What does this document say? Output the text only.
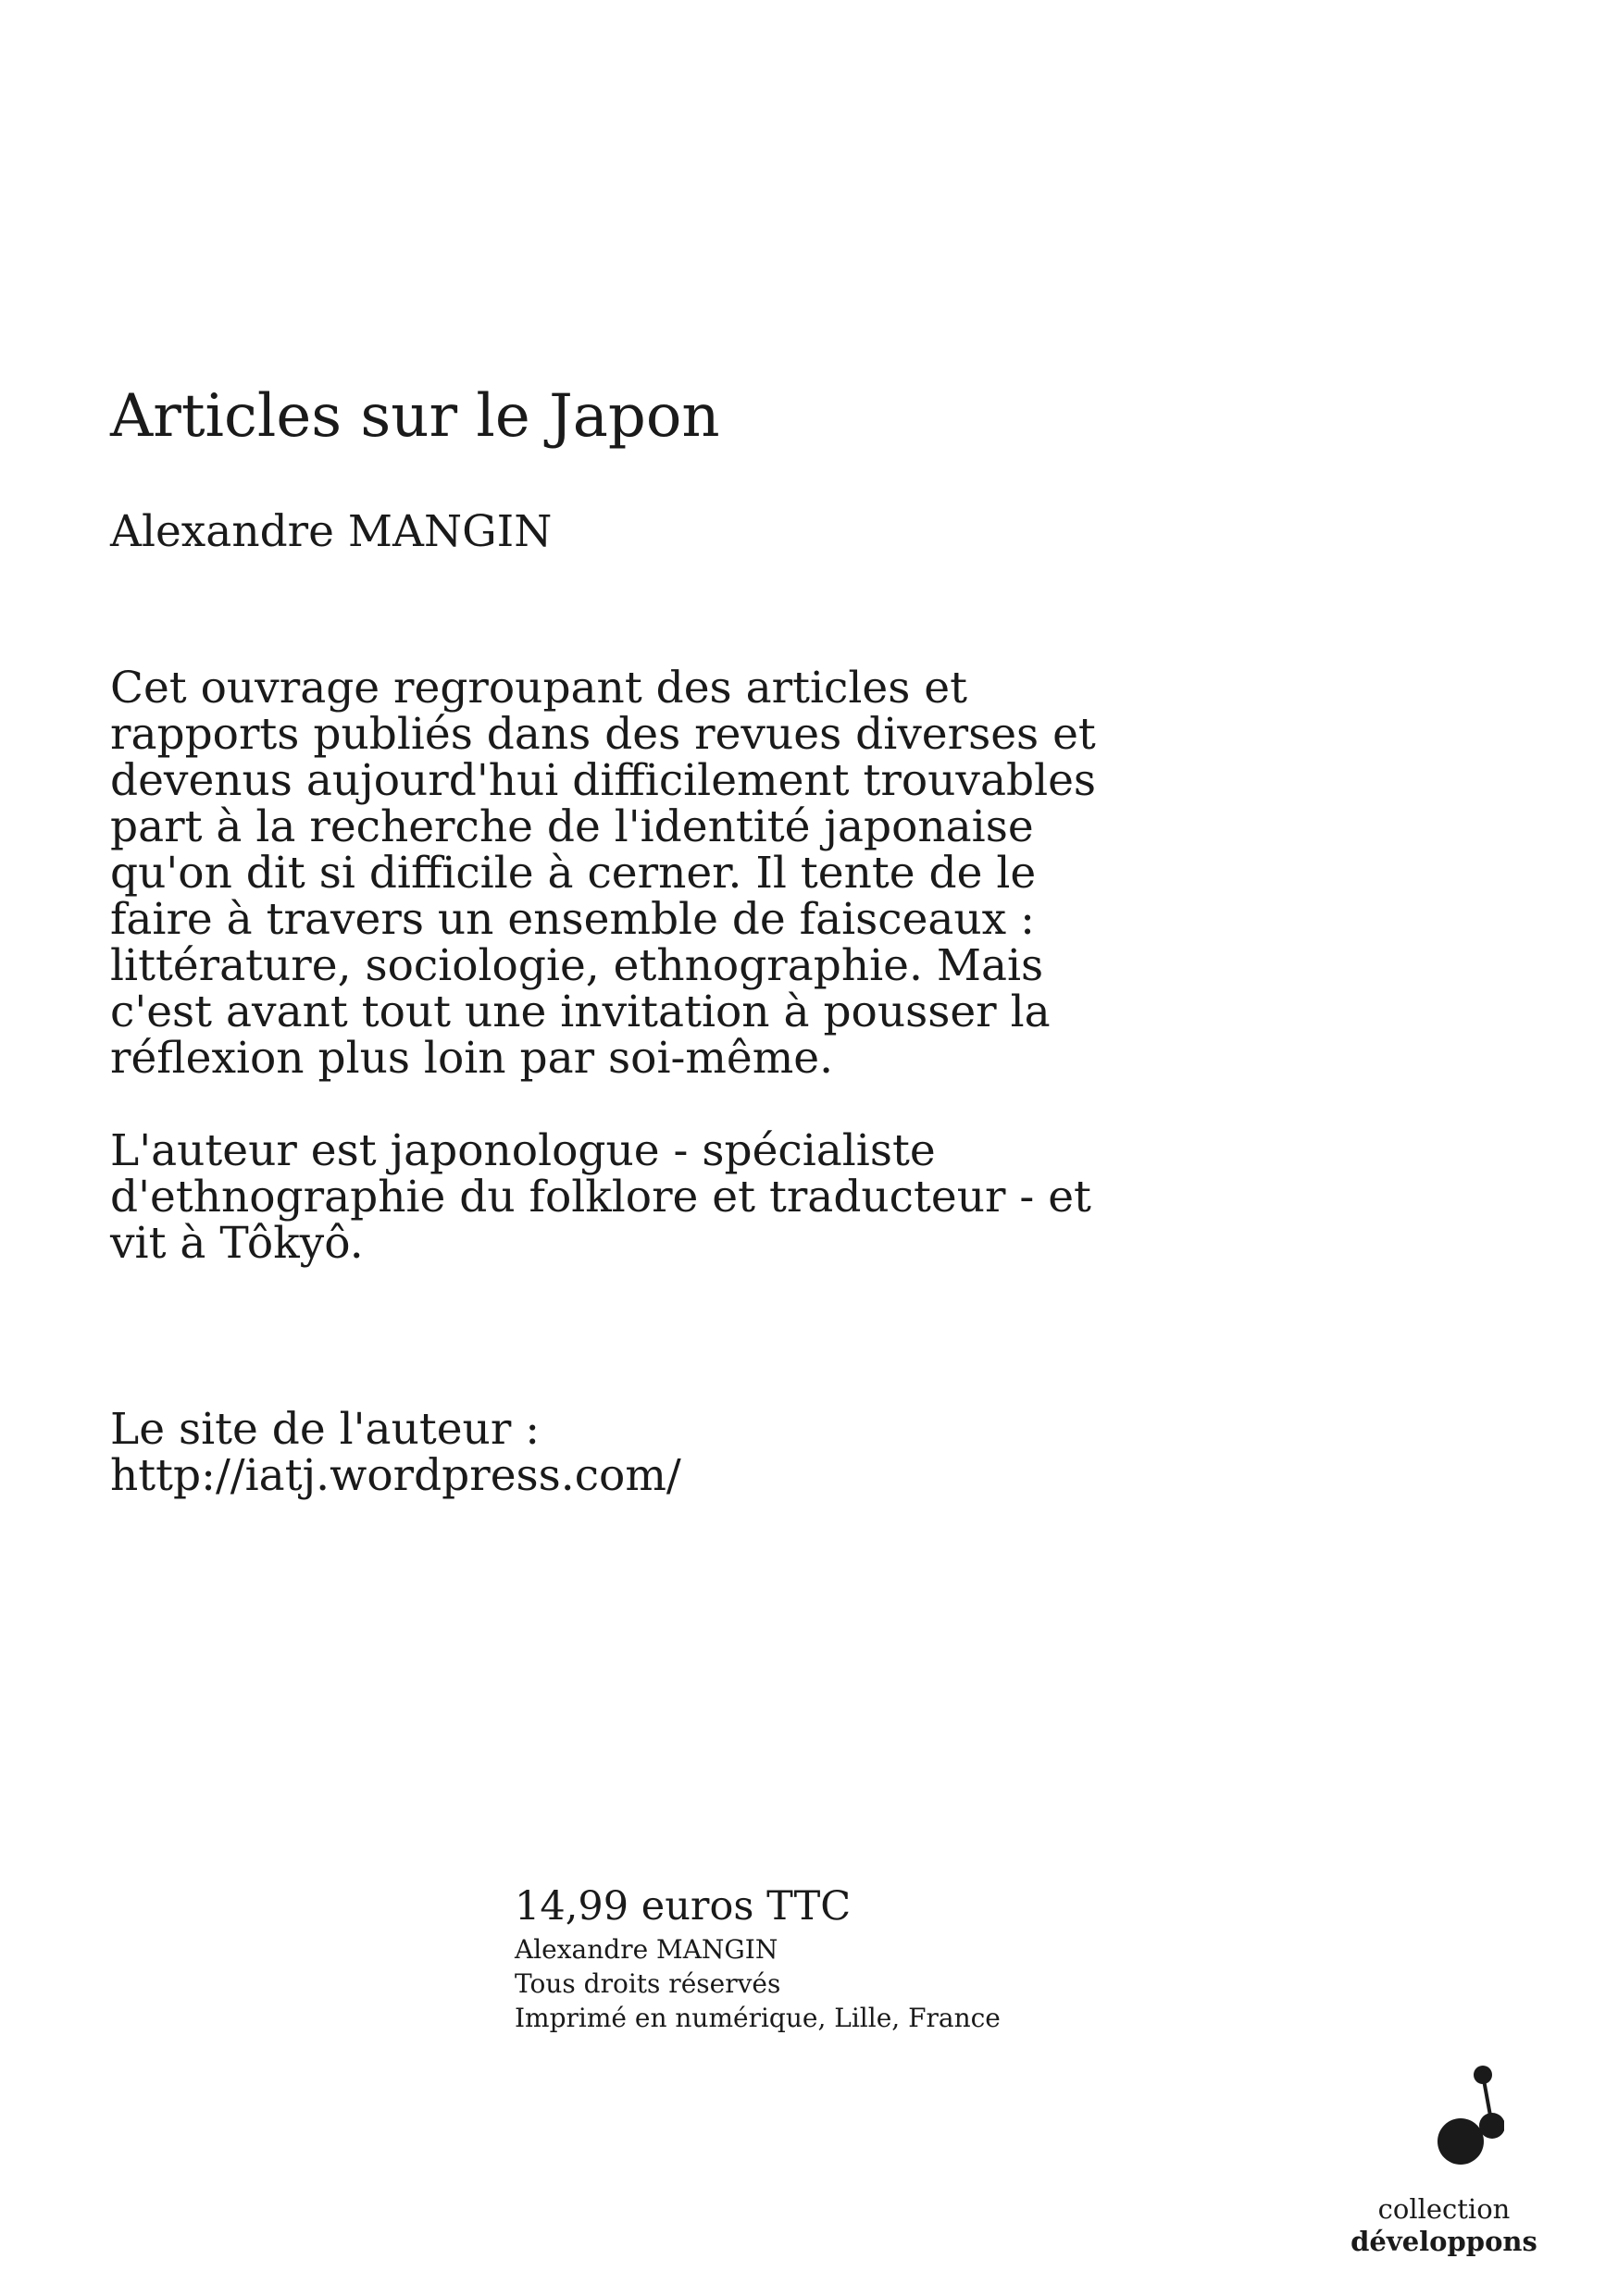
Articles sur le Japon
Alexandre MANGIN
Cet ouvrage regroupant des articles et
rapports publiés dans des revues diverses et
devenus aujourd'hui difficilement trouvables
part à la recherche de l'identité japonaise
qu'on dit si difficile à cerner. Il tente de le
faire à travers un ensemble de faisceaux :
littérature, sociologie, ethnographie. Mais
c'est avant tout une invitation à pousser la
réflexion plus loin par soi-même.
L'auteur est japonologue - spécialiste
d'ethnographie du folklore et traducteur - et
vit à Tôkyô.
Le site de l'auteur :
http://iatj.wordpress.com/
14,99 euros TTC
Alexandre MANGIN
Tous droits réservés
Imprimé en numérique, Lille, France
collection
développons
